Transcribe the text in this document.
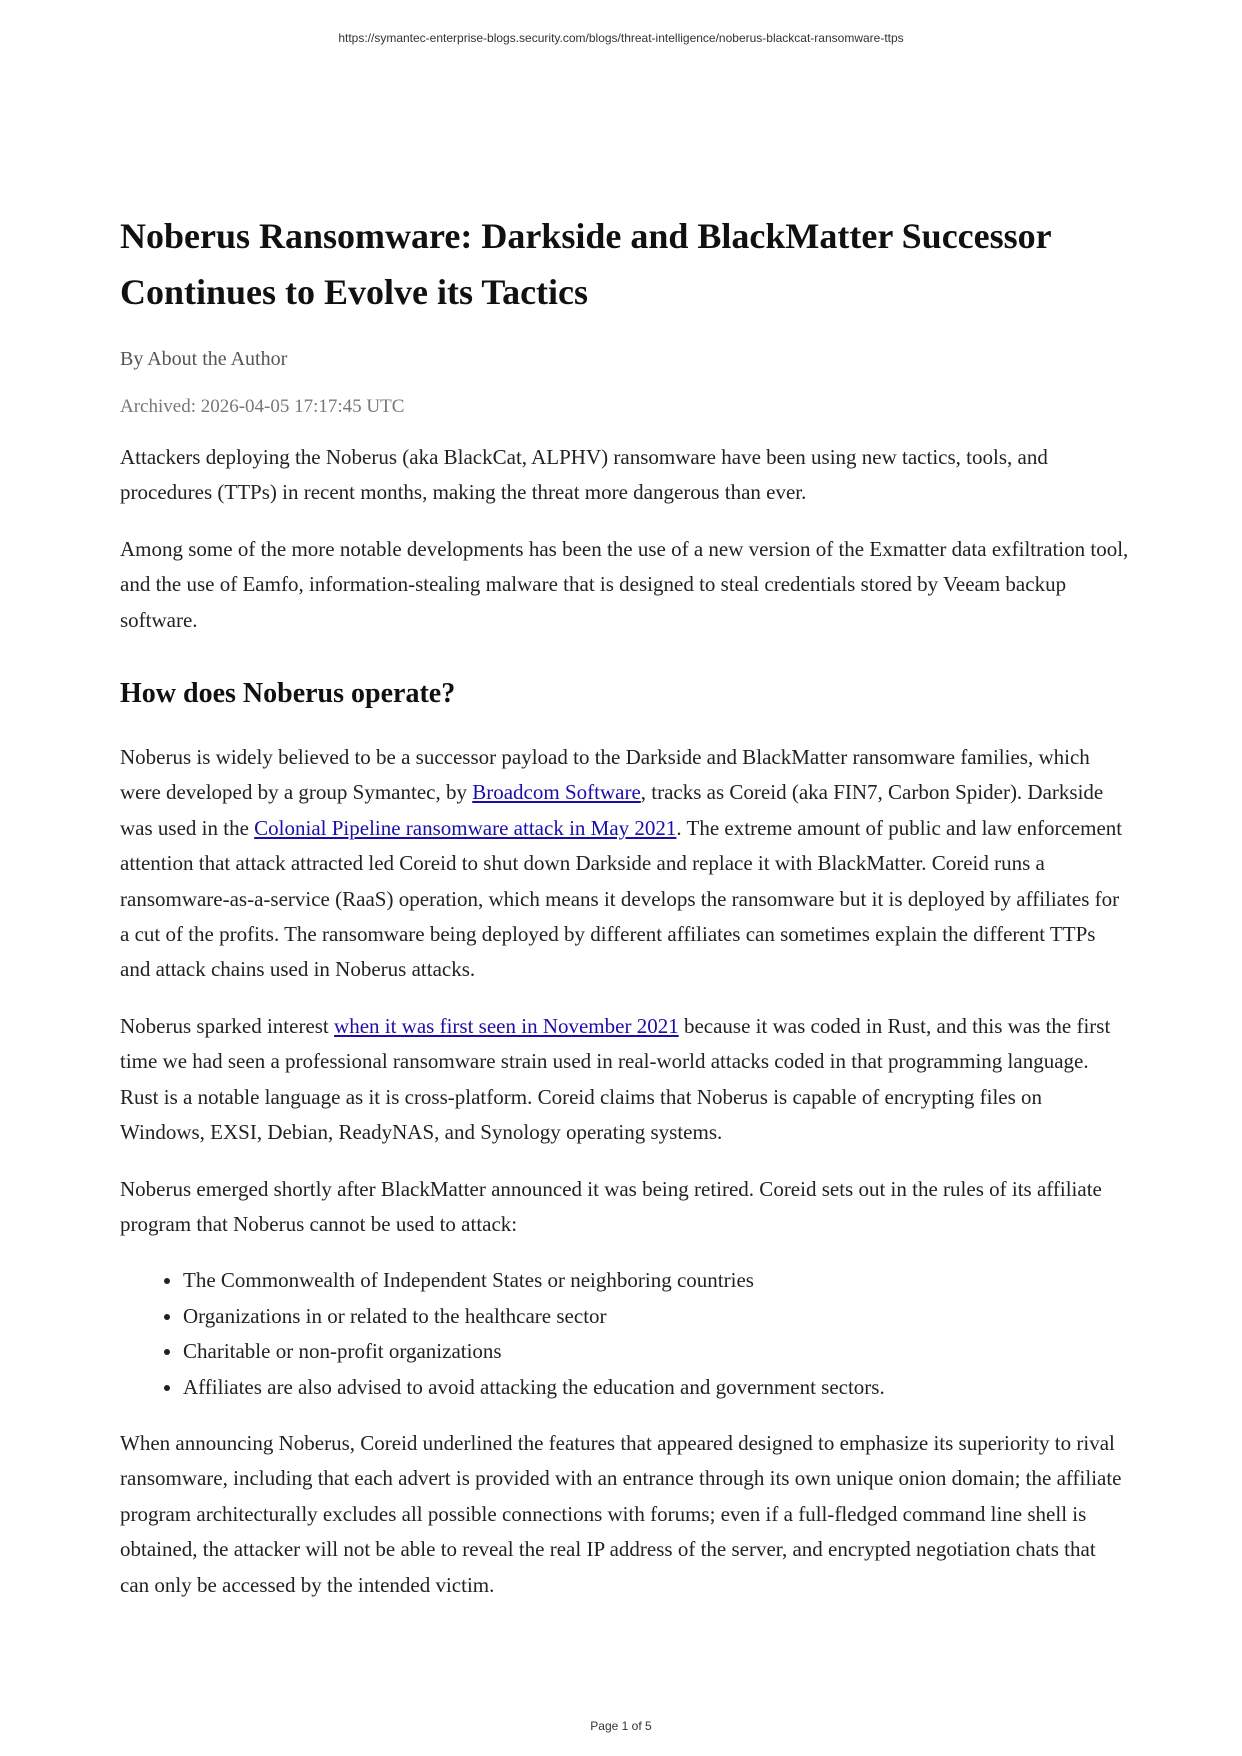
https://symantec-enterprise-blogs.security.com/blogs/threat-intelligence/noberus-blackcat-ransomware-ttps
Noberus Ransomware: Darkside and BlackMatter Successor Continues to Evolve its Tactics
By About the Author
Archived: 2026-04-05 17:17:45 UTC

Attackers deploying the Noberus (aka BlackCat, ALPHV) ransomware have been using new tactics, tools, and procedures (TTPs) in recent months, making the threat more dangerous than ever.

Among some of the more notable developments has been the use of a new version of the Exmatter data exfiltration tool, and the use of Eamfo, information-stealing malware that is designed to steal credentials stored by Veeam backup software.

How does Noberus operate?

Noberus is widely believed to be a successor payload to the Darkside and BlackMatter ransomware families, which were developed by a group Symantec, by Broadcom Software, tracks as Coreid (aka FIN7, Carbon Spider). Darkside was used in the Colonial Pipeline ransomware attack in May 2021. The extreme amount of public and law enforcement attention that attack attracted led Coreid to shut down Darkside and replace it with BlackMatter. Coreid runs a ransomware-as-a-service (RaaS) operation, which means it develops the ransomware but it is deployed by affiliates for a cut of the profits. The ransomware being deployed by different affiliates can sometimes explain the different TTPs and attack chains used in Noberus attacks.

Noberus sparked interest when it was first seen in November 2021 because it was coded in Rust, and this was the first time we had seen a professional ransomware strain used in real-world attacks coded in that programming language. Rust is a notable language as it is cross-platform. Coreid claims that Noberus is capable of encrypting files on Windows, EXSI, Debian, ReadyNAS, and Synology operating systems.

Noberus emerged shortly after BlackMatter announced it was being retired. Coreid sets out in the rules of its affiliate program that Noberus cannot be used to attack:

• The Commonwealth of Independent States or neighboring countries
• Organizations in or related to the healthcare sector
• Charitable or non-profit organizations
• Affiliates are also advised to avoid attacking the education and government sectors.

When announcing Noberus, Coreid underlined the features that appeared designed to emphasize its superiority to rival ransomware, including that each advert is provided with an entrance through its own unique onion domain; the affiliate program architecturally excludes all possible connections with forums; even if a full-fledged command line shell is obtained, the attacker will not be able to reveal the real IP address of the server, and encrypted negotiation chats that can only be accessed by the intended victim.

Page 1 of 5
